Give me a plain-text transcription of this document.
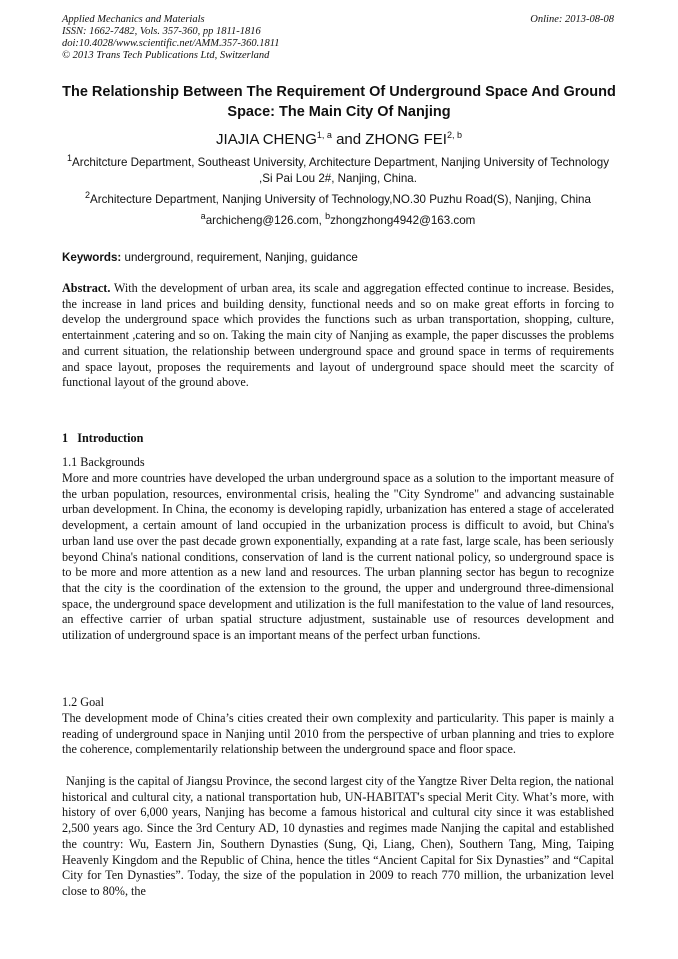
Applied Mechanics and Materials
ISSN: 1662-7482, Vols. 357-360, pp 1811-1816
doi:10.4028/www.scientific.net/AMM.357-360.1811
© 2013 Trans Tech Publications Ltd, Switzerland
Online: 2013-08-08
The Relationship Between The Requirement Of Underground Space And Ground Space: The Main City Of Nanjing
JIAJIA CHENG$^{1, a}$ and ZHONG FEI$^{2, b}$
$^1$Architcture Department, Southeast University, Architecture Department, Nanjing University of Technology ,Si Pai Lou 2#, Nanjing, China.
$^2$Architecture Department, Nanjing University of Technology,NO.30 Puzhu Road(S), Nanjing, China
$^a$archicheng@126.com, $^b$zhongzhong4942@163.com
Keywords: underground, requirement, Nanjing, guidance
Abstract. With the development of urban area, its scale and aggregation effected continue to increase. Besides, the increase in land prices and building density, functional needs and so on make great efforts in forcing to develop the underground space which provides the functions such as urban transportation, shopping, culture, entertainment ,catering and so on. Taking the main city of Nanjing as example, the paper discusses the problems and current situation, the relationship between underground space and ground space in terms of requirements and space layout, proposes the requirements and layout of underground space should meet the scarcity of functional layout of the ground above.
1   Introduction
1.1 Backgrounds
More and more countries have developed the urban underground space as a solution to the important measure of the urban population, resources, environmental crisis, healing the "City Syndrome" and advancing sustainable urban development. In China, the economy is developing rapidly, urbanization has entered a stage of accelerated development, a certain amount of land occupied in the urbanization process is difficult to avoid, but China's urban land use over the past decade grown exponentially, expanding at a rate fast, large scale, has been seriously beyond China's national conditions, conservation of land is the current national policy, so underground space is to be more and more attention as a new land and resources. The urban planning sector has begun to recognize that the city is the coordination of the extension to the ground, the upper and underground three-dimensional space, the underground space development and utilization is the full manifestation to the value of land resources, an effective carrier of urban spatial structure adjustment, sustainable use of resources development and utilization of underground space is an important means of the perfect urban functions.
1.2 Goal
The development mode of China’s cities created their own complexity and particularity. This paper is mainly a reading of underground space in Nanjing until 2010 from the perspective of urban planning and tries to explore the coherence, complementarily relationship between the underground space and floor space.
Nanjing is the capital of Jiangsu Province, the second largest city of the Yangtze River Delta region, the national historical and cultural city, a national transportation hub, UN-HABITAT's special Merit City. What’s more, with history of over 6,000 years, Nanjing has become a famous historical and cultural city since it was established 2,500 years ago. Since the 3rd Century AD, 10 dynasties and regimes made Nanjing the capital and established the country: Wu, Eastern Jin, Southern Dynasties (Sung, Qi, Liang, Chen), Southern Tang, Ming, Taiping Heavenly Kingdom and the Republic of China, hence the titles “Ancient Capital for Six Dynasties” and “Capital City for Ten Dynasties”. Today, the size of the population in 2009 to reach 770 million, the urbanization level close to 80%, the
